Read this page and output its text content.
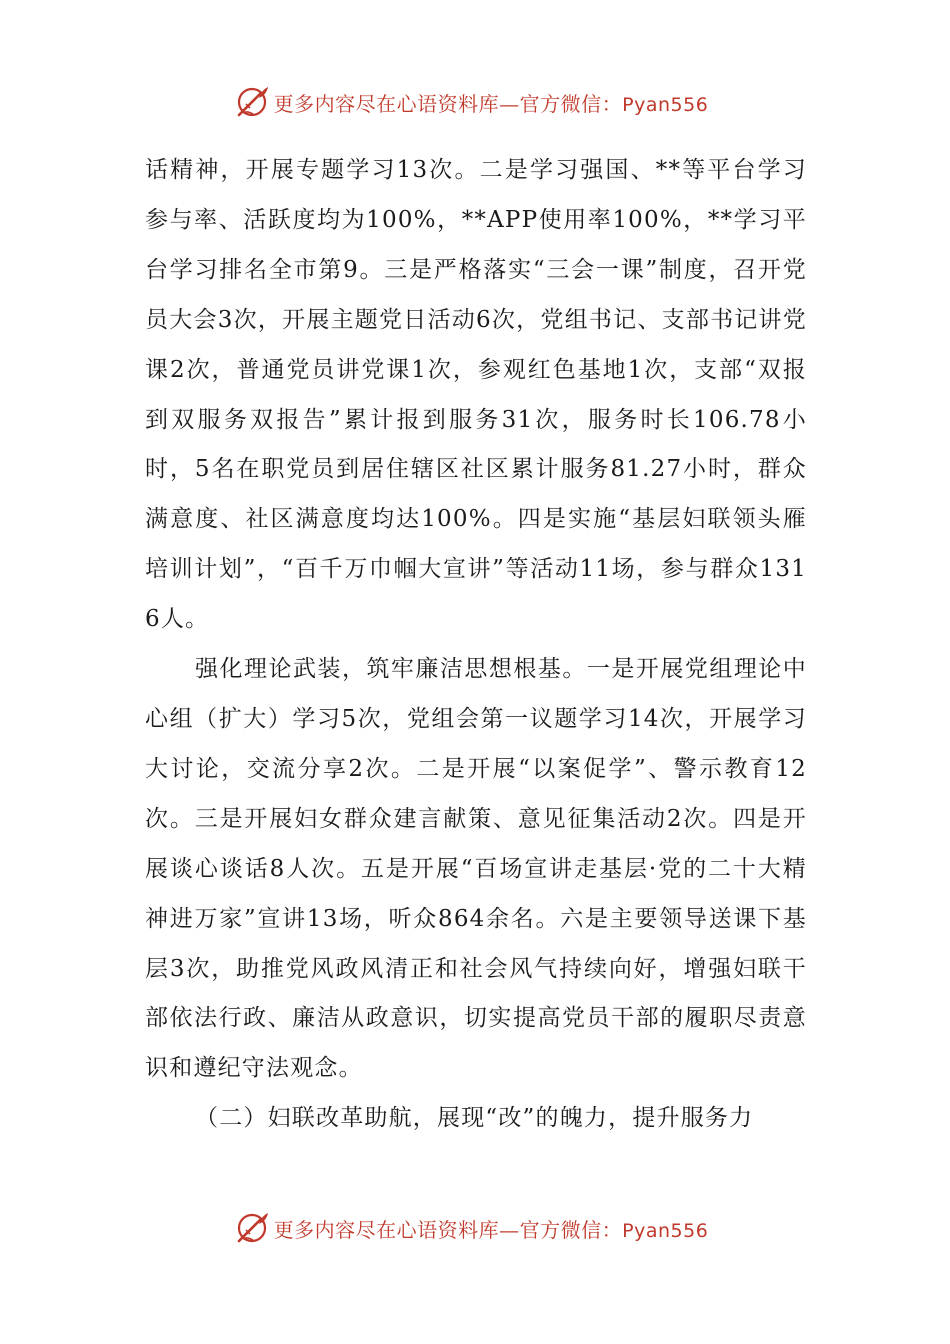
更多内容尽在心语资料库—官方微信：Pyan556

话精神，开展专题学习13次。二是学习强国、**等平台学习参与率、活跃度均为100%，**APP使用率100%，**学习平台学习排名全市第9。三是严格落实“三会一课”制度，召开党员大会3次，开展主题党日活动6次，党组书记、支部书记讲党课2次，普通党员讲党课1次，参观红色基地1次，支部“双报到双服务双报告”累计报到服务31次，服务时长106.78小时，5名在职党员到居住辖区社区累计服务81.27小时，群众满意度、社区满意度均达100%。四是实施“基层妇联领头雁培训计划”，“百千万巾帼大宣讲”等活动11场，参与群众1316人。

强化理论武装，筑牢廉洁思想根基。一是开展党组理论中心组（扩大）学习5次，党组会第一议题学习14次，开展学习大讨论，交流分享2次。二是开展“以案促学”、警示教育12次。三是开展妇女群众建言献策、意见征集活动2次。四是开展谈心谈话8人次。五是开展“百场宣讲走基层·党的二十大精神进万家”宣讲13场，听众864余名。六是主要领导送课下基层3次，助推党风政风清正和社会风气持续向好，增强妇联干部依法行政、廉洁从政意识，切实提高党员干部的履职尽责意识和遵纪守法观念。

（二）妇联改革助航，展现“改”的魄力，提升服务力

更多内容尽在心语资料库—官方微信：Pyan556
